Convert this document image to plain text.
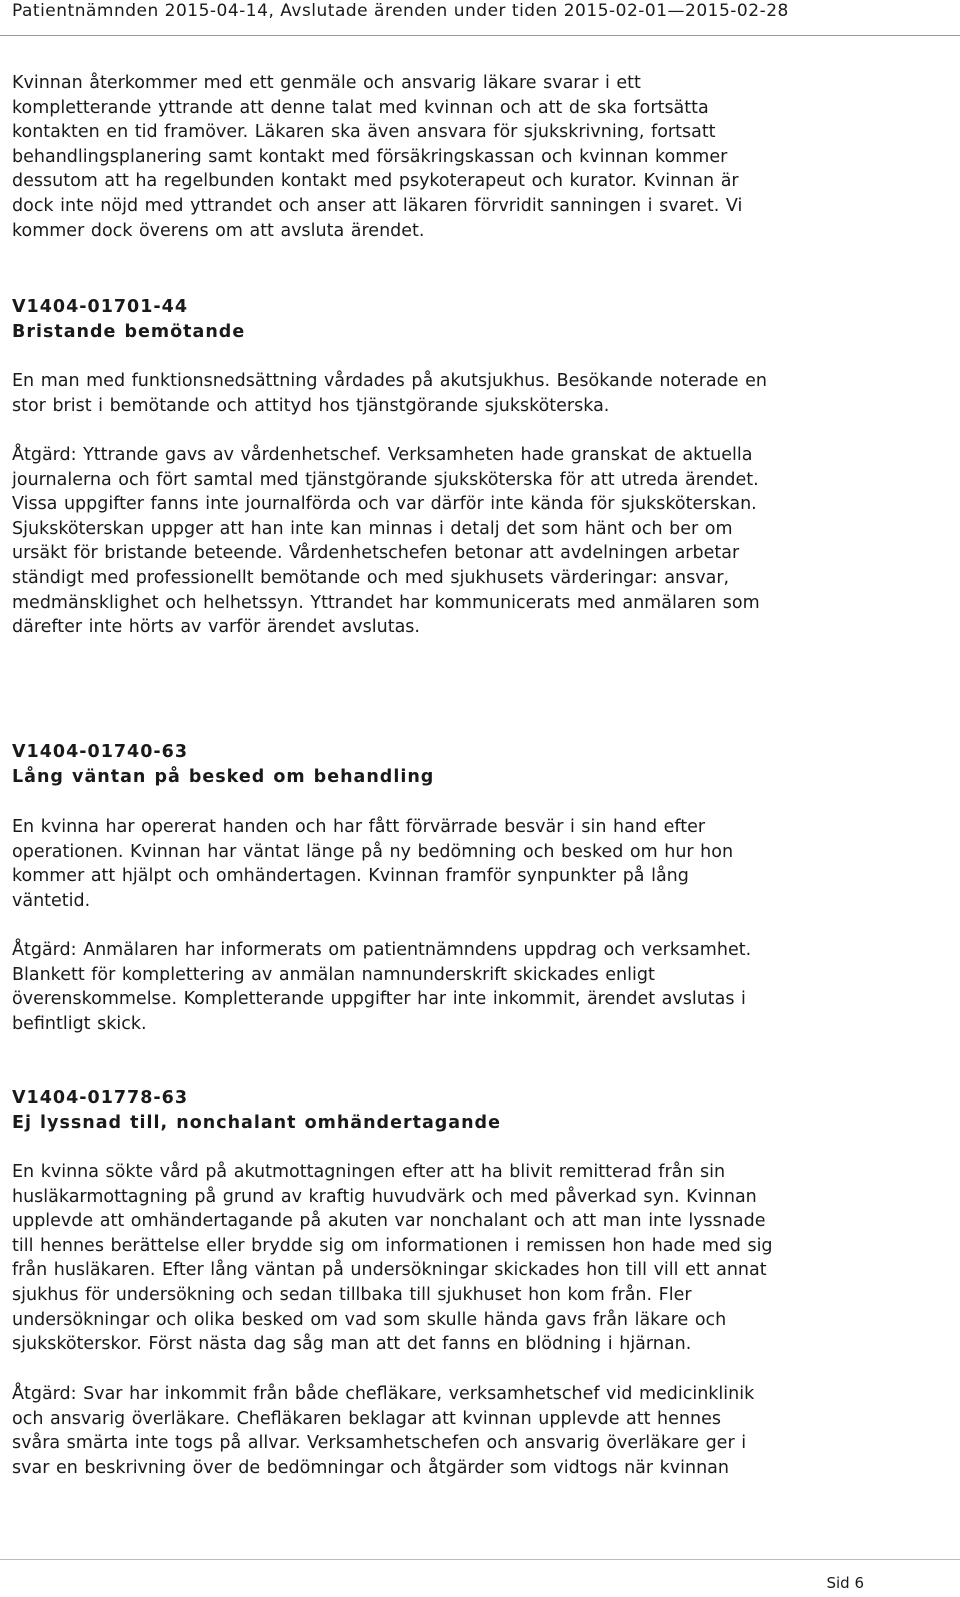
Patientnämnden 2015-04-14, Avslutade ärenden under tiden 2015-02-01—2015-02-28
Kvinnan återkommer med ett genmäle och ansvarig läkare svarar i ett
kompletterande yttrande att denne talat med kvinnan och att de ska fortsätta
kontakten en tid framöver. Läkaren ska även ansvara för sjukskrivning, fortsatt
behandlingsplanering samt kontakt med försäkringskassan och kvinnan kommer
dessutom att ha regelbunden kontakt med psykoterapeut och kurator. Kvinnan är
dock inte nöjd med yttrandet och anser att läkaren förvridit sanningen i svaret. Vi
kommer dock överens om att avsluta ärendet.
V1404-01701-44
Bristande bemötande
En man med funktionsnedsättning vårdades på akutsjukhus. Besökande noterade en
stor brist i bemötande och attityd hos tjänstgörande sjuksköterska.
Åtgärd: Yttrande gavs av vårdenhetschef. Verksamheten hade granskat de aktuella
journalerna och fört samtal med tjänstgörande sjuksköterska för att utreda ärendet.
Vissa uppgifter fanns inte journalförda och var därför inte kända för sjuksköterskan.
Sjuksköterskan uppger att han inte kan minnas i detalj det som hänt och ber om
ursäkt för bristande beteende. Vårdenhetschefen betonar att avdelningen arbetar
ständigt med professionellt bemötande och med sjukhusets värderingar: ansvar,
medmänsklighet och helhetssyn. Yttrandet har kommunicerats med anmälaren som
därefter inte hörts av varför ärendet avslutas.
V1404-01740-63
Lång väntan på besked om behandling
En kvinna har opererat handen och har fått förvärrade besvär i sin hand efter
operationen. Kvinnan har väntat länge på ny bedömning och besked om hur hon
kommer att hjälpt och omhändertagen. Kvinnan framför synpunkter på lång
väntetid.
Åtgärd: Anmälaren har informerats om patientnämndens uppdrag och verksamhet.
Blankett för komplettering av anmälan namnunderskrift skickades enligt
överenskommelse. Kompletterande uppgifter har inte inkommit, ärendet avslutas i
befintligt skick.
V1404-01778-63
Ej lyssnad till, nonchalant omhändertagande
En kvinna sökte vård på akutmottagningen efter att ha blivit remitterad från sin
husläkarmottagning på grund av kraftig huvudvärk och med påverkad syn. Kvinnan
upplevde att omhändertagande på akuten var nonchalant och att man inte lyssnade
till hennes berättelse eller brydde sig om informationen i remissen hon hade med sig
från husläkaren. Efter lång väntan på undersökningar skickades hon till vill ett annat
sjukhus för undersökning och sedan tillbaka till sjukhuset hon kom från. Fler
undersökningar och olika besked om vad som skulle hända gavs från läkare och
sjuksköterskor. Först nästa dag såg man att det fanns en blödning i hjärnan.
Åtgärd: Svar har inkommit från både chefläkare, verksamhetschef vid medicinklinik
och ansvarig överläkare. Chefläkaren beklagar att kvinnan upplevde att hennes
svåra smärta inte togs på allvar. Verksamhetschefen och ansvarig överläkare ger i
svar en beskrivning över de bedömningar och åtgärder som vidtogs när kvinnan
Sid 6
